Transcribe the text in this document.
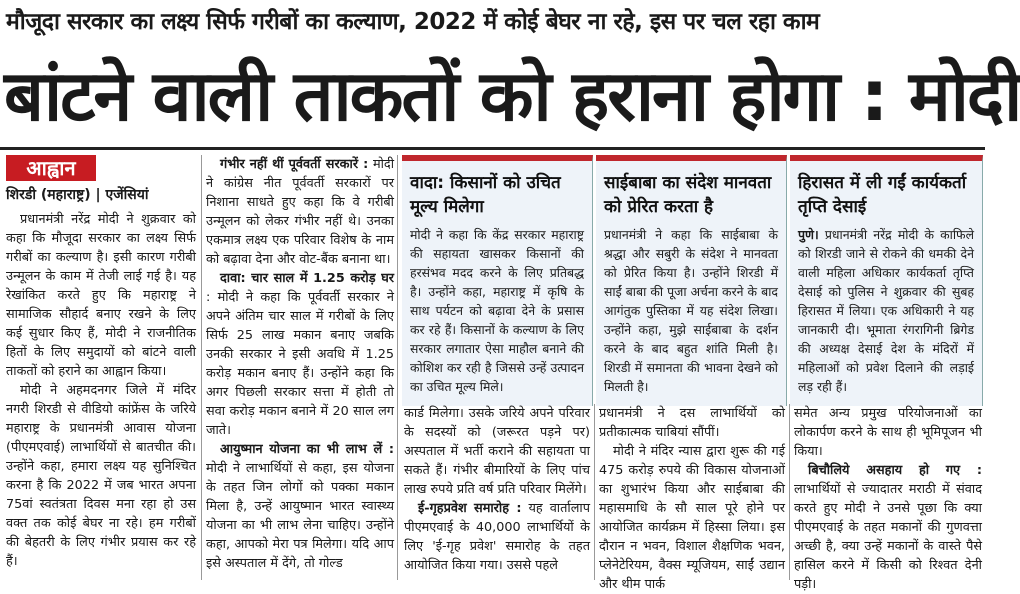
मौजूदा सरकार का लक्ष्य सिर्फ गरीबों का कल्याण, 2022 में कोई बेघर ना रहे, इस पर चल रहा काम
बांटने वाली ताकतों को हराना होगा : मोदी
आह्वान
शिरडी (महाराष्ट्र) | एजेंसियां

प्रधानमंत्री नरेंद्र मोदी ने शुक्रवार को कहा कि मौजूदा सरकार का लक्ष्य सिर्फ गरीबों का कल्याण है। इसी कारण गरीबी उन्मूलन के काम में तेजी लाई गई है। यह रेखांकित करते हुए कि महाराष्ट्र ने सामाजिक सौहार्द बनाए रखने के लिए कई सुधार किए हैं, मोदी ने राजनीतिक हितों के लिए समुदायों को बांटने वाली ताकतों को हराने का आह्वान किया।

मोदी ने अहमदनगर जिले में मंदिर नगरी शिरडी से वीडियो कांफ्रेंस के जरिये महाराष्ट्र के प्रधानमंत्री आवास योजना (पीएमएवाई) लाभार्थियों से बातचीत की। उन्होंने कहा, हमारा लक्ष्य यह सुनिश्चित करना है कि 2022 में जब भारत अपना 75वां स्वतंत्रता दिवस मना रहा हो उस वक्त तक कोई बेघर ना रहे। हम गरीबों की बेहतरी के लिए गंभीर प्रयास कर रहे हैं।

गंभीर नहीं थीं पूर्ववर्ती सरकारें : मोदी ने कांग्रेस नीत पूर्ववर्ती सरकारों पर निशाना साधते हुए कहा कि वे गरीबी उन्मूलन को लेकर गंभीर नहीं थे। उनका एकमात्र लक्ष्य एक परिवार विशेष के नाम को बढ़ावा देना और वोट-बैंक बनाना था।

दावा: चार साल में 1.25 करोड़ घर : मोदी ने कहा कि पूर्ववर्ती सरकार ने अपने अंतिम चार साल में गरीबों के लिए सिर्फ 25 लाख मकान बनाए जबकि उनकी सरकार ने इसी अवधि में 1.25 करोड़ मकान बनाए हैं। उन्होंने कहा कि अगर पिछली सरकार सत्ता में होती तो सवा करोड़ मकान बनाने में 20 साल लग जाते।

आयुष्मान योजना का भी लाभ लें : मोदी ने लाभार्थियों से कहा, इस योजना के तहत जिन लोगों को पक्का मकान मिला है, उन्हें आयुष्मान भारत स्वास्थ्य योजना का भी लाभ लेना चाहिए। उन्होंने कहा, आपको मेरा पत्र मिलेगा। यदि आप इसे अस्पताल में देंगे, तो गोल्ड

वादा: किसानों को उचित मूल्य मिलेगा
मोदी ने कहा कि केंद्र सरकार महाराष्ट्र की सहायता खासकर किसानों की हरसंभव मदद करने के लिए प्रतिबद्ध है। उन्होंने कहा, महाराष्ट्र में कृषि के साथ पर्यटन को बढ़ावा देने के प्रसास कर रहे हैं। किसानों के कल्याण के लिए सरकार लगातार ऐसा माहौल बनाने की कोशिश कर रही है जिससे उन्हें उत्पादन का उचित मूल्य मिले।
साईबाबा का संदेश मानवता को प्रेरित करता है
प्रधानमंत्री ने कहा कि साईबाबा के श्रद्धा और सबुरी के संदेश ने मानवता को प्रेरित किया है। उन्होंने शिरडी में साईं बाबा की पूजा अर्चना करने के बाद आगंतुक पुस्तिका में यह संदेश लिखा। उन्होंने कहा, मुझे साईबाबा के दर्शन करने के बाद बहुत शांति मिली है। शिरडी में समानता की भावना देखने को मिलती है।
हिरासत में ली गईं कार्यकर्ता तृप्ति देसाई
पुणे। प्रधानमंत्री नरेंद्र मोदी के काफिले को शिरडी जाने से रोकने की धमकी देने वाली महिला अधिकार कार्यकर्ता तृप्ति देसाई को पुलिस ने शुक्रवार की सुबह हिरासत में लिया। एक अधिकारी ने यह जानकारी दी। भूमाता रंगरागिनी ब्रिगेड की अध्यक्ष देसाई देश के मंदिरों में महिलाओं को प्रवेश दिलाने की लड़ाई लड़ रही हैं।

कार्ड मिलेगा। उसके जरिये अपने परिवार के सदस्यों को (जरूरत पड़ने पर) अस्पताल में भर्ती कराने की सहायता पा सकते हैं। गंभीर बीमारियों के लिए पांच लाख रुपये प्रति वर्ष प्रति परिवार मिलेंगे।

ई-गृहप्रवेश समारोह : यह वार्तालाप पीएमएवाई के 40,000 लाभार्थियों के लिए 'ई-गृह प्रवेश' समारोह के तहत आयोजित किया गया। उससे पहले

प्रधानमंत्री ने दस लाभार्थियों को प्रतीकात्मक चाबियां सौंपीं।

मोदी ने मंदिर न्यास द्वारा शुरू की गई 475 करोड़ रुपये की विकास योजनाओं का शुभारंभ किया और साईबाबा की महासमाधि के सौ साल पूरे होने पर आयोजित कार्यक्रम में हिस्सा लिया। इस दौरान न भवन, विशाल शैक्षणिक भवन, प्लेनेटेरियम, वैक्स म्यूजियम, साईं उद्यान और थीम पार्क

समेत अन्य प्रमुख परियोजनाओं का लोकार्पण करने के साथ ही भूमिपूजन भी किया।

बिचौलिये असहाय हो गए : लाभार्थियों से ज्यादातर मराठी में संवाद करते हुए मोदी ने उनसे पूछा कि क्या पीएमएवाई के तहत मकानों की गुणवत्ता अच्छी है, क्या उन्हें मकानों के वास्ते पैसे हासिल करने में किसी को रिश्वत देनी पड़ी।
